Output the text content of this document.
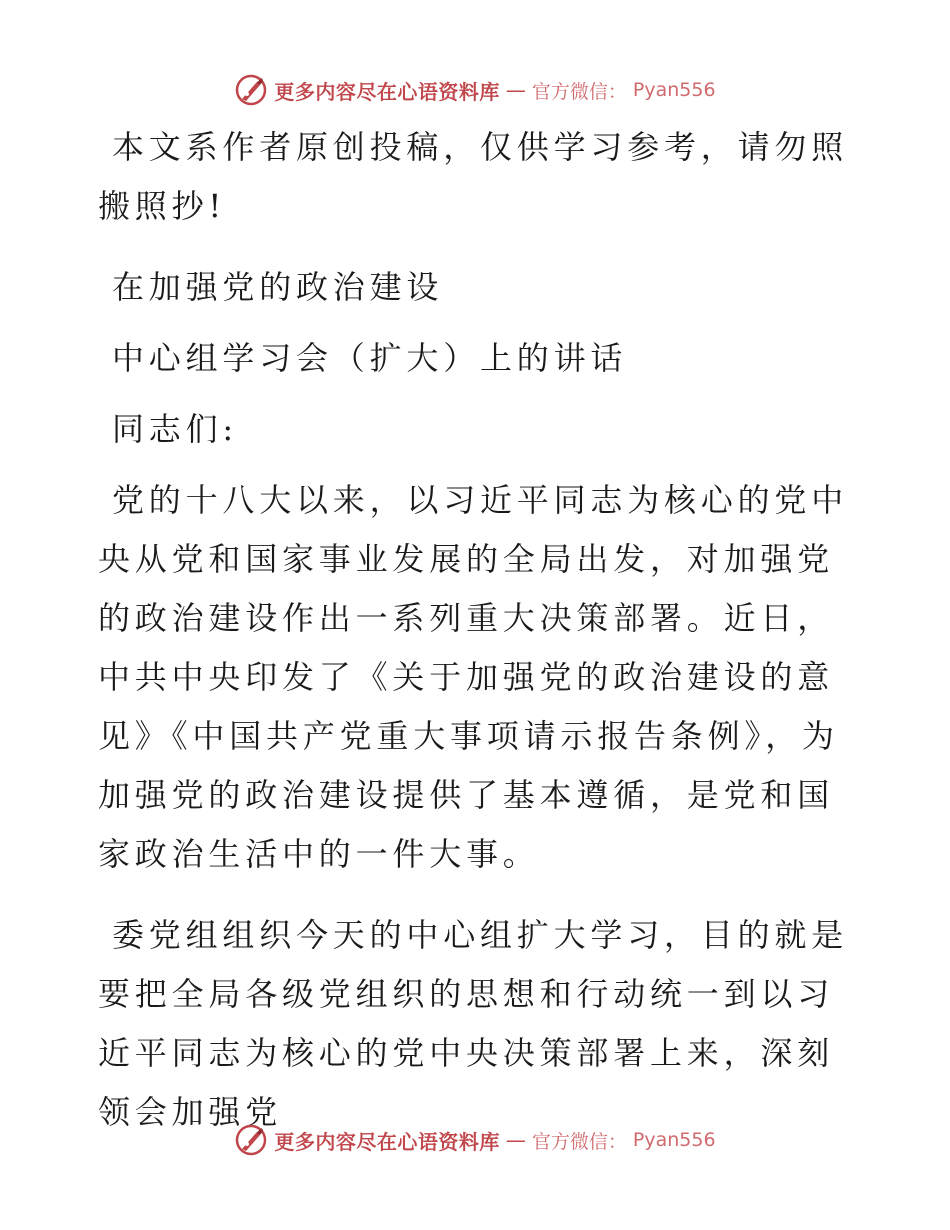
更多内容尽在心语资料库 — 官方微信： Pyan556

本文系作者原创投稿，仅供学习参考，请勿照搬照抄!

在加强党的政治建设

中心组学习会（扩大）上的讲话

同志们:

党的十八大以来，以习近平同志为核心的党中央从党和国家事业发展的全局出发，对加强党的政治建设作出一系列重大决策部署。近日，中共中央印发了《关于加强党的政治建设的意见》《中国共产党重大事项请示报告条例》，为加强党的政治建设提供了基本遵循，是党和国家政治生活中的一件大事。

委党组组织今天的中心组扩大学习，目的就是要把全局各级党组织的思想和行动统一到以习近平同志为核心的党中央决策部署上来，深刻领会加强党

更多内容尽在心语资料库 — 官方微信： Pyan556
